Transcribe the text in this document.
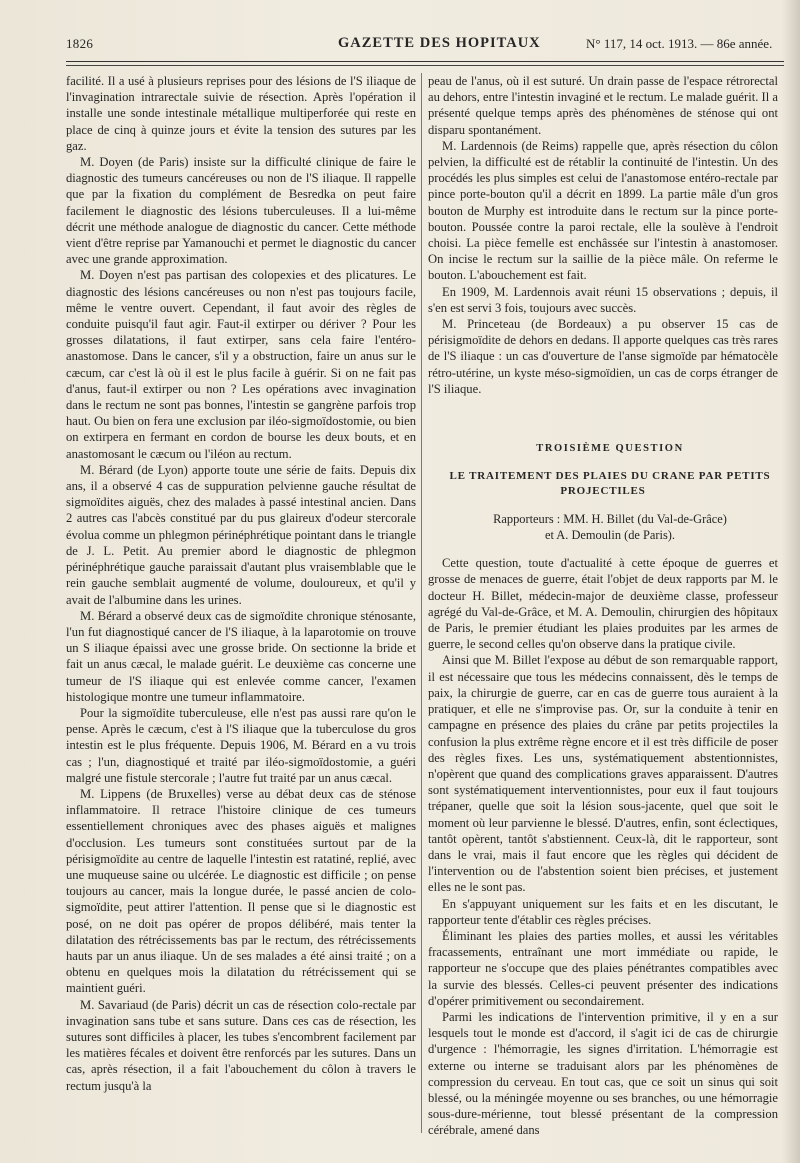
1826	GAZETTE DES HOPITAUX	N° 117, 14 oct. 1913. — 86e année.

facilité. Il a usé à plusieurs reprises pour des lésions de l'S iliaque de l'invagination intrarectale suivie de résection. Après l'opération il installe une sonde intestinale métallique multiperforée qui reste en place de cinq à quinze jours et évite la tension des sutures par les gaz.

M. Doyen (de Paris) insiste sur la difficulté clinique de faire le diagnostic des tumeurs cancéreuses ou non de l'S iliaque. Il rappelle que par la fixation du complément de Besredka on peut faire facilement le diagnostic des lésions tuberculeuses. Il a lui-même décrit une méthode analogue de diagnostic du cancer. Cette méthode vient d'être reprise par Yamanouchi et permet le diagnostic du cancer avec une grande approximation.

M. Doyen n'est pas partisan des colopexies et des plicatures. Le diagnostic des lésions cancéreuses ou non n'est pas toujours facile, même le ventre ouvert. Cependant, il faut avoir des règles de conduite puisqu'il faut agir. Faut-il extirper ou dériver ? Pour les grosses dilatations, il faut extirper, sans cela faire l'entéro-anastomose. Dans le cancer, s'il y a obstruction, faire un anus sur le cæcum, car c'est là où il est le plus facile à guérir. Si on ne fait pas d'anus, faut-il extirper ou non ? Les opérations avec invagination dans le rectum ne sont pas bonnes, l'intestin se gangrène parfois trop haut. Ou bien on fera une exclusion par iléo-sigmoïdostomie, ou bien on extirpera en fermant en cordon de bourse les deux bouts, et en anastomosant le cæcum ou l'iléon au rectum.

M. Bérard (de Lyon) apporte toute une série de faits. Depuis dix ans, il a observé 4 cas de suppuration pelvienne gauche résultat de sigmoïdites aiguës, chez des malades à passé intestinal ancien. Dans 2 autres cas l'abcès constitué par du pus glaireux d'odeur stercorale évolua comme un phlegmon périnéphrétique pointant dans le triangle de J. L. Petit. Au premier abord le diagnostic de phlegmon périnéphrétique gauche paraissait d'autant plus vraisemblable que le rein gauche semblait augmenté de volume, douloureux, et qu'il y avait de l'albumine dans les urines.

M. Bérard a observé deux cas de sigmoïdite chronique sténosante, l'un fut diagnostiqué cancer de l'S iliaque, à la laparotomie on trouve un S iliaque épaissi avec une grosse bride. On sectionne la bride et fait un anus cæcal, le malade guérit. Le deuxième cas concerne une tumeur de l'S iliaque qui est enlevée comme cancer, l'examen histologique montre une tumeur inflammatoire.

Pour la sigmoïdite tuberculeuse, elle n'est pas aussi rare qu'on le pense. Après le cæcum, c'est à l'S iliaque que la tuberculose du gros intestin est le plus fréquente. Depuis 1906, M. Bérard en a vu trois cas ; l'un, diagnostiqué et traité par iléo-sigmoïdostomie, a guéri malgré une fistule stercorale ; l'autre fut traité par un anus cæcal.

M. Lippens (de Bruxelles) verse au débat deux cas de sténose inflammatoire. Il retrace l'histoire clinique de ces tumeurs essentiellement chroniques avec des phases aiguës et malignes d'occlusion. Les tumeurs sont constituées surtout par de la périsigmoïdite au centre de laquelle l'intestin est ratatiné, replié, avec une muqueuse saine ou ulcérée. Le diagnostic est difficile ; on pense toujours au cancer, mais la longue durée, le passé ancien de colo-sigmoïdite, peut attirer l'attention. Il pense que si le diagnostic est posé, on ne doit pas opérer de propos délibéré, mais tenter la dilatation des rétrécissements bas par le rectum, des rétrécissements hauts par un anus iliaque. Un de ses malades a été ainsi traité ; on a obtenu en quelques mois la dilatation du rétrécissement qui se maintient guéri.

M. Savariaud (de Paris) décrit un cas de résection colo-rectale par invagination sans tube et sans suture. Dans ces cas de résection, les sutures sont difficiles à placer, les tubes s'encombrent facilement par les matières fécales et doivent être renforcés par les sutures. Dans un cas, après résection, il a fait l'abouchement du côlon à travers le rectum jusqu'à la

peau de l'anus, où il est suturé. Un drain passe de l'espace rétrorectal au dehors, entre l'intestin invaginé et le rectum. Le malade guérit. Il a présenté quelque temps après des phénomènes de sténose qui ont disparu spontanément.

M. Lardennois (de Reims) rappelle que, après résection du côlon pelvien, la difficulté est de rétablir la continuité de l'intestin. Un des procédés les plus simples est celui de l'anastomose entéro-rectale par pince porte-bouton qu'il a décrit en 1899. La partie mâle d'un gros bouton de Murphy est introduite dans le rectum sur la pince porte-bouton. Poussée contre la paroi rectale, elle la soulève à l'endroit choisi. La pièce femelle est enchâssée sur l'intestin à anastomoser. On incise le rectum sur la saillie de la pièce mâle. On referme le bouton. L'abouchement est fait.

En 1909, M. Lardennois avait réuni 15 observations ; depuis, il s'en est servi 3 fois, toujours avec succès.

M. Princeteau (de Bordeaux) a pu observer 15 cas de périsigmoïdite de dehors en dedans. Il apporte quelques cas très rares de l'S iliaque : un cas d'ouverture de l'anse sigmoïde par hématocèle rétro-utérine, un kyste méso-sigmoïdien, un cas de corps étranger de l'S iliaque.

TROISIÈME QUESTION

LE TRAITEMENT DES PLAIES DU CRANE PAR PETITS PROJECTILES

Rapporteurs : MM. H. Billet (du Val-de-Grâce)

et A. Demoulin (de Paris).

Cette question, toute d'actualité à cette époque de guerres et grosse de menaces de guerre, était l'objet de deux rapports par M. le docteur H. Billet, médecin-major de deuxième classe, professeur agrégé du Val-de-Grâce, et M. A. Demoulin, chirurgien des hôpitaux de Paris, le premier étudiant les plaies produites par les armes de guerre, le second celles qu'on observe dans la pratique civile.

Ainsi que M. Billet l'expose au début de son remarquable rapport, il est nécessaire que tous les médecins connaissent, dès le temps de paix, la chirurgie de guerre, car en cas de guerre tous auraient à la pratiquer, et elle ne s'improvise pas. Or, sur la conduite à tenir en campagne en présence des plaies du crâne par petits projectiles la confusion la plus extrême règne encore et il est très difficile de poser des règles fixes. Les uns, systématiquement abstentionnistes, n'opèrent que quand des complications graves apparaissent. D'autres sont systématiquement interventionnistes, pour eux il faut toujours trépaner, quelle que soit la lésion sous-jacente, quel que soit le moment où leur parvienne le blessé. D'autres, enfin, sont éclectiques, tantôt opèrent, tantôt s'abstiennent. Ceux-là, dit le rapporteur, sont dans le vrai, mais il faut encore que les règles qui décident de l'intervention ou de l'abstention soient bien précises, et justement elles ne le sont pas.

En s'appuyant uniquement sur les faits et en les discutant, le rapporteur tente d'établir ces règles précises.

Éliminant les plaies des parties molles, et aussi les véritables fracassements, entraînant une mort immédiate ou rapide, le rapporteur ne s'occupe que des plaies pénétrantes compatibles avec la survie des blessés. Celles-ci peuvent présenter des indications d'opérer primitivement ou secondairement.

Parmi les indications de l'intervention primitive, il y en a sur lesquels tout le monde est d'accord, il s'agit ici de cas de chirurgie d'urgence : l'hémorragie, les signes d'irritation. L'hémorragie est externe ou interne se traduisant alors par les phénomènes de compression du cerveau. En tout cas, que ce soit un sinus qui soit blessé, ou la méningée moyenne ou ses branches, ou une hémorragie sous-dure-mérienne, tout blessé présentant de la compression cérébrale, amené dans
